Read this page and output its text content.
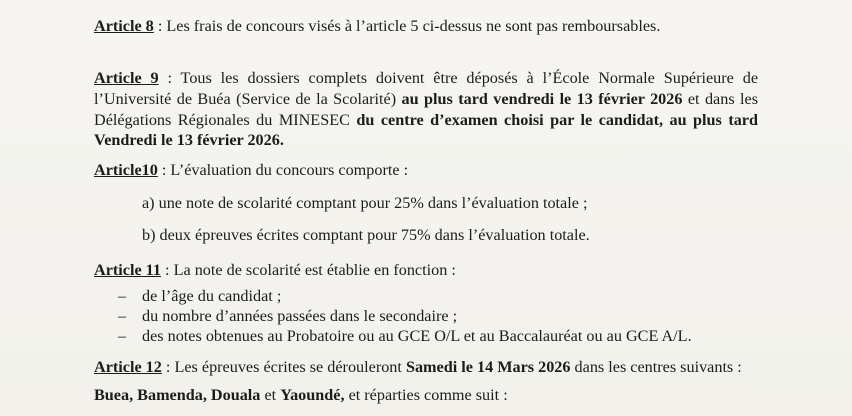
Article 8 : Les frais de concours visés à l’article 5 ci-dessus ne sont pas remboursables.
Article 9 : Tous les dossiers complets doivent être déposés à l’École Normale Supérieure de
l’Université de Buéa (Service de la Scolarité) au plus tard vendredi le 13 février 2026 et dans les
Délégations Régionales du MINESEC du centre d’examen choisi par le candidat, au plus tard
Vendredi le 13 février 2026.
Article10 : L’évaluation du concours comporte :
a) une note de scolarité comptant pour 25% dans l’évaluation totale ;
b) deux épreuves écrites comptant pour 75% dans l’évaluation totale.
Article 11 : La note de scolarité est établie en fonction :
– de l’âge du candidat ;
– du nombre d’années passées dans le secondaire ;
– des notes obtenues au Probatoire ou au GCE O/L et au Baccalauréat ou au GCE A/L.
Article 12 : Les épreuves écrites se dérouleront Samedi le 14 Mars 2026 dans les centres suivants :
Buea, Bamenda, Douala et Yaoundé, et réparties comme suit :
